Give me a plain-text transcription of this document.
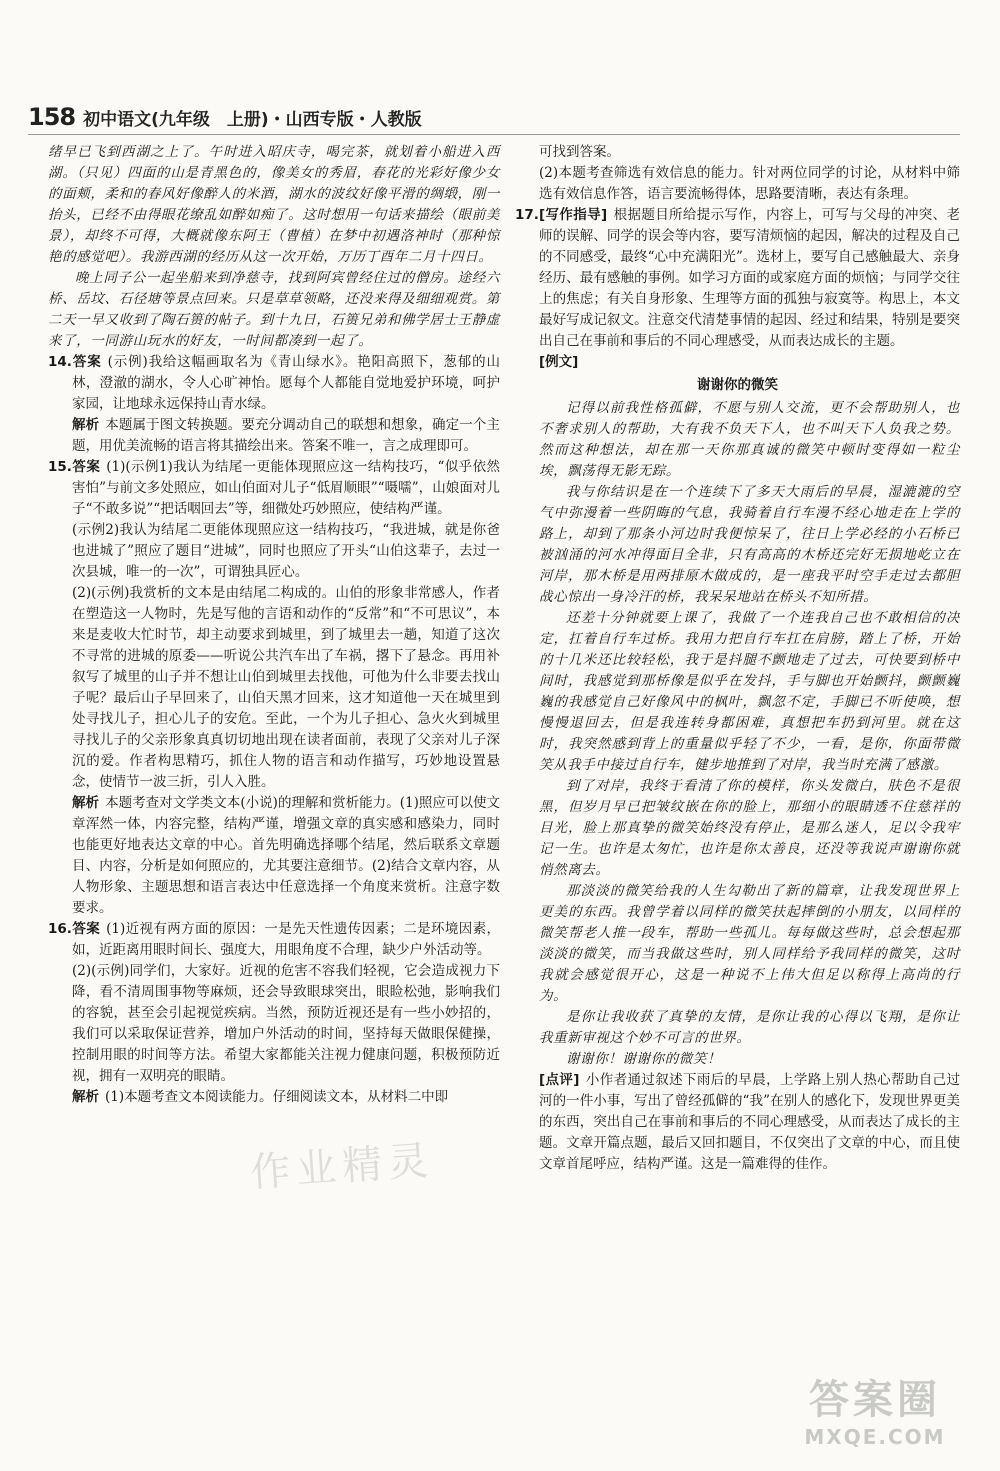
158 初中语文(九年级　上册)・山西专版・人教版

绪早已飞到西湖之上了。午时进入昭庆寺，喝完茶，就划着小船进入西湖。（只见）四面的山是青黑色的，像美女的秀眉，春花的光彩好像少女的面颊，柔和的春风好像醉人的米酒，湖水的波纹好像平滑的绸缎，刚一抬头，已经不由得眼花缭乱如醉如痴了。这时想用一句话来描绘（眼前美景），却终不可得，大概就像东阿王（曹植）在梦中初遇洛神时（那种惊艳的感觉吧）。我游西湖的经历从这一次开始，万历丁酉年二月十四日。

晚上同子公一起坐船来到净慈寺，找到阿宾曾经住过的僧房。途经六桥、岳坟、石径塘等景点回来。只是草草领略，还没来得及细细观赏。第二天一早又收到了陶石篑的帖子。到十九日，石篑兄弟和佛学居士王静虚来了，一同游山玩水的好友，一时间都凑到一起了。

14.答案 (示例)我给这幅画取名为《青山绿水》。艳阳高照下，葱郁的山林，澄澈的湖水，令人心旷神怡。愿每个人都能自觉地爱护环境，呵护家园，让地球永远保持山青水绿。

解析 本题属于图文转换题。要充分调动自己的联想和想象，确定一个主题，用优美流畅的语言将其描绘出来。答案不唯一，言之成理即可。

15.答案 (1)(示例1)我认为结尾一更能体现照应这一结构技巧，“似乎依然害怕”与前文多处照应，如山伯面对儿子“低眉顺眼”“嗫嚅”，山娘面对儿子“不敢多说”“把话咽回去”等，细微处巧妙照应，使结构严谨。

(示例2)我认为结尾二更能体现照应这一结构技巧，“我进城，就是你爸也进城了”照应了题目“进城”，同时也照应了开头“山伯这辈子，去过一次县城，唯一的一次”，可谓独具匠心。

(2)(示例)我赏析的文本是由结尾二构成的。山伯的形象非常感人，作者在塑造这一人物时，先是写他的言语和动作的“反常”和“不可思议”，本来是麦收大忙时节，却主动要求到城里，到了城里去一趟，知道了这次不寻常的进城的原委——听说公共汽车出了车祸，撂下了悬念。再用补叙写了城里的山子并不想让山伯到城里去找他，可他为什么非要去找山子呢？最后山子早回来了，山伯天黑才回来，这才知道他一天在城里到处寻找儿子，担心儿子的安危。至此，一个为儿子担心、急火火到城里寻找儿子的父亲形象真真切切地出现在读者面前，表现了父亲对儿子深沉的爱。作者构思精巧，抓住人物的语言和动作描写，巧妙地设置悬念，使情节一波三折，引人入胜。

解析 本题考查对文学类文本(小说)的理解和赏析能力。(1)照应可以使文章浑然一体，内容完整，结构严谨，增强文章的真实感和感染力，同时也能更好地表达文章的中心。首先明确选择哪个结尾，然后联系文章题目、内容，分析是如何照应的，尤其要注意细节。(2)结合文章内容，从人物形象、主题思想和语言表达中任意选择一个角度来赏析。注意字数要求。

16.答案 (1)近视有两方面的原因：一是先天性遗传因素；二是环境因素，如，近距离用眼时间长、强度大，用眼角度不合理，缺少户外活动等。

(2)(示例)同学们，大家好。近视的危害不容我们轻视，它会造成视力下降，看不清周围事物等麻烦，还会导致眼球突出，眼睑松弛，影响我们的容貌，甚至会引起视觉疾病。当然，预防近视还是有一些小妙招的，我们可以采取保证营养，增加户外活动的时间，坚持每天做眼保健操，控制用眼的时间等方法。希望大家都能关注视力健康问题，积极预防近视，拥有一双明亮的眼睛。

解析 (1)本题考查文本阅读能力。仔细阅读文本，从材料二中即

可找到答案。

(2)本题考查筛选有效信息的能力。针对两位同学的讨论，从材料中筛选有效信息作答，语言要流畅得体，思路要清晰，表达有条理。

17.[写作指导] 根据题目所给提示写作，内容上，可写与父母的冲突、老师的误解、同学的误会等内容，要写清烦恼的起因，解决的过程及自己的不同感受，最终“心中充满阳光”。选材上，要写自己感触最大、亲身经历、最有感触的事例。如学习方面的或家庭方面的烦恼；与同学交往上的焦虑；有关自身形象、生理等方面的孤独与寂寞等。构思上，本文最好写成记叙文。注意交代清楚事情的起因、经过和结果，特别是要突出自己在事前和事后的不同心理感受，从而表达成长的主题。

[例文]

谢谢你的微笑

记得以前我性格孤僻，不愿与别人交流，更不会帮助别人，也不奢求别人的帮助，大有我不负天下人，也不叫天下人负我之势。然而这种想法，却在那一天你那真诚的微笑中顿时变得如一粒尘埃，飘荡得无影无踪。

我与你结识是在一个连续下了多天大雨后的早晨，湿漉漉的空气中弥漫着一些阴晦的气息，我骑着自行车漫不经心地走在上学的路上，却到了那条小河边时我便惊呆了，往日上学必经的小石桥已被汹涌的河水冲得面目全非，只有高高的木桥还完好无损地屹立在河岸，那木桥是用两排原木做成的，是一座我平时空手走过去都胆战心惊出一身冷汗的桥，我呆呆地站在桥头不知所措。

还差十分钟就要上课了，我做了一个连我自己也不敢相信的决定，扛着自行车过桥。我用力把自行车扛在肩膀，踏上了桥，开始的十几米还比较轻松，我于是抖腿不颤地走了过去，可快要到桥中间时，我感觉到那桥像是似乎在发抖，手与脚也开始颤抖，颤颤巍巍的我感觉自己好像风中的枫叶，飘忽不定，手脚已不听使唤，想慢慢退回去，但是我连转身都困难，真想把车扔到河里。就在这时，我突然感到背上的重量似乎轻了不少，一看，是你，你面带微笑从我手中接过自行车，健步地推到了对岸，我当时充满了感激。

到了对岸，我终于看清了你的模样，你头发微白，肤色不是很黑，但岁月早已把皱纹嵌在你的脸上，那细小的眼睛透不住慈祥的目光，脸上那真挚的微笑始终没有停止，是那么迷人，足以令我牢记一生。也许是太匆忙，也许是你太善良，还没等我说声谢谢你就悄然离去。

那淡淡的微笑给我的人生勾勒出了新的篇章，让我发现世界上更美的东西。我曾学着以同样的微笑扶起摔倒的小朋友，以同样的微笑帮老人推一段车，帮助一些孤儿。每每做这些时，总会想起那淡淡的微笑，而当我做这些时，别人同样给予我同样的微笑，这时我就会感觉很开心，这是一种说不上伟大但足以称得上高尚的行为。

是你让我收获了真挚的友情，是你让我的心得以飞翔，是你让我重新审视这个妙不可言的世界。

谢谢你！谢谢你的微笑！

[点评] 小作者通过叙述下雨后的早晨，上学路上别人热心帮助自己过河的一件小事，写出了曾经孤僻的“我”在别人的感化下，发现世界更美的东西，突出自己在事前和事后的不同心理感受，从而表达了成长的主题。文章开篇点题，最后又回扣题目，不仅突出了文章的中心，而且使文章首尾呼应，结构严谨。这是一篇难得的佳作。

作业精灵
答案圈
MXQE.COM
